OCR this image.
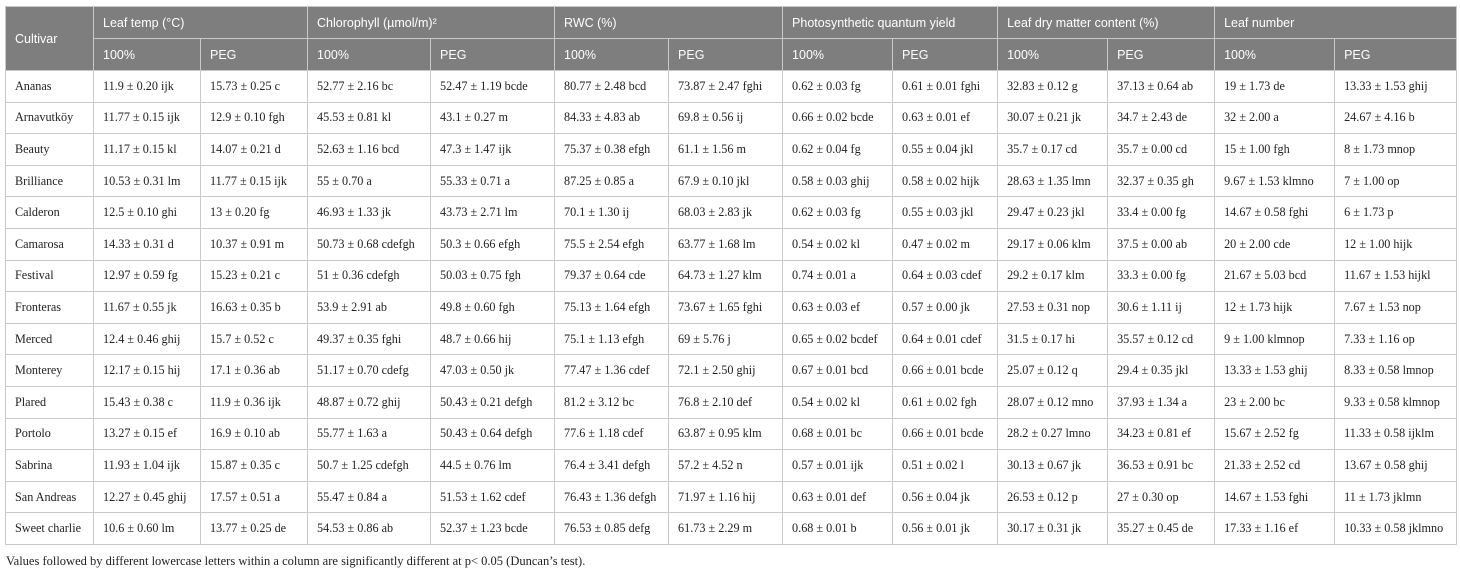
Cultivar	Leaf temp (°C)		Chlorophyll (µmol/m)²		RWC (%)		Photosynthetic quantum yield		Leaf dry matter content (%)		Leaf number	
	100%	PEG	100%	PEG	100%	PEG	100%	PEG	100%	PEG	100%	PEG
Ananas	11.9 ± 0.20 ijk	15.73 ± 0.25 c	52.77 ± 2.16 bc	52.47 ± 1.19 bcde	80.77 ± 2.48 bcd	73.87 ± 2.47 fghi	0.62 ± 0.03 fg	0.61 ± 0.01 fghi	32.83 ± 0.12 g	37.13 ± 0.64 ab	19 ± 1.73 de	13.33 ± 1.53 ghij
Arnavutköy	11.77 ± 0.15 ijk	12.9 ± 0.10 fgh	45.53 ± 0.81 kl	43.1 ± 0.27 m	84.33 ± 4.83 ab	69.8 ± 0.56 ij	0.66 ± 0.02 bcde	0.63 ± 0.01 ef	30.07 ± 0.21 jk	34.7 ± 2.43 de	32 ± 2.00 a	24.67 ± 4.16 b
Beauty	11.17 ± 0.15 kl	14.07 ± 0.21 d	52.63 ± 1.16 bcd	47.3 ± 1.47 ijk	75.37 ± 0.38 efgh	61.1 ± 1.56 m	0.62 ± 0.04 fg	0.55 ± 0.04 jkl	35.7 ± 0.17 cd	35.7 ± 0.00 cd	15 ± 1.00 fgh	8 ± 1.73 mnop
Brilliance	10.53 ± 0.31 lm	11.77 ± 0.15 ijk	55 ± 0.70 a	55.33 ± 0.71 a	87.25 ± 0.85 a	67.9 ± 0.10 jkl	0.58 ± 0.03 ghij	0.58 ± 0.02 hijk	28.63 ± 1.35 lmn	32.37 ± 0.35 gh	9.67 ± 1.53 klmno	7 ± 1.00 op
Calderon	12.5 ± 0.10 ghi	13 ± 0.20 fg	46.93 ± 1.33 jk	43.73 ± 2.71 lm	70.1 ± 1.30 ij	68.03 ± 2.83 jk	0.62 ± 0.03 fg	0.55 ± 0.03 jkl	29.47 ± 0.23 jkl	33.4 ± 0.00 fg	14.67 ± 0.58 fghi	6 ± 1.73 p
Camarosa	14.33 ± 0.31 d	10.37 ± 0.91 m	50.73 ± 0.68 cdefgh	50.3 ± 0.66 efgh	75.5 ± 2.54 efgh	63.77 ± 1.68 lm	0.54 ± 0.02 kl	0.47 ± 0.02 m	29.17 ± 0.06 klm	37.5 ± 0.00 ab	20 ± 2.00 cde	12 ± 1.00 hijk
Festival	12.97 ± 0.59 fg	15.23 ± 0.21 c	51 ± 0.36 cdefgh	50.03 ± 0.75 fgh	79.37 ± 0.64 cde	64.73 ± 1.27 klm	0.74 ± 0.01 a	0.64 ± 0.03 cdef	29.2 ± 0.17 klm	33.3 ± 0.00 fg	21.67 ± 5.03 bcd	11.67 ± 1.53 hijkl
Fronteras	11.67 ± 0.55 jk	16.63 ± 0.35 b	53.9 ± 2.91 ab	49.8 ± 0.60 fgh	75.13 ± 1.64 efgh	73.67 ± 1.65 fghi	0.63 ± 0.03 ef	0.57 ± 0.00 jk	27.53 ± 0.31 nop	30.6 ± 1.11 ij	12 ± 1.73 hijk	7.67 ± 1.53 nop
Merced	12.4 ± 0.46 ghij	15.7 ± 0.52 c	49.37 ± 0.35 fghi	48.7 ± 0.66 hij	75.1 ± 1.13 efgh	69 ± 5.76 j	0.65 ± 0.02 bcdef	0.64 ± 0.01 cdef	31.5 ± 0.17 hi	35.57 ± 0.12 cd	9 ± 1.00 klmnop	7.33 ± 1.16 op
Monterey	12.17 ± 0.15 hij	17.1 ± 0.36 ab	51.17 ± 0.70 cdefg	47.03 ± 0.50 jk	77.47 ± 1.36 cdef	72.1 ± 2.50 ghij	0.67 ± 0.01 bcd	0.66 ± 0.01 bcde	25.07 ± 0.12 q	29.4 ± 0.35 jkl	13.33 ± 1.53 ghij	8.33 ± 0.58 lmnop
Plared	15.43 ± 0.38 c	11.9 ± 0.36 ijk	48.87 ± 0.72 ghij	50.43 ± 0.21 defgh	81.2 ± 3.12 bc	76.8 ± 2.10 def	0.54 ± 0.02 kl	0.61 ± 0.02 fgh	28.07 ± 0.12 mno	37.93 ± 1.34 a	23 ± 2.00 bc	9.33 ± 0.58 klmnop
Portolo	13.27 ± 0.15 ef	16.9 ± 0.10 ab	55.77 ± 1.63 a	50.43 ± 0.64 defgh	77.6 ± 1.18 cdef	63.87 ± 0.95 klm	0.68 ± 0.01 bc	0.66 ± 0.01 bcde	28.2 ± 0.27 lmno	34.23 ± 0.81 ef	15.67 ± 2.52 fg	11.33 ± 0.58 ijklm
Sabrina	11.93 ± 1.04 ijk	15.87 ± 0.35 c	50.7 ± 1.25 cdefgh	44.5 ± 0.76 lm	76.4 ± 3.41 defgh	57.2 ± 4.52 n	0.57 ± 0.01 ijk	0.51 ± 0.02 l	30.13 ± 0.67 jk	36.53 ± 0.91 bc	21.33 ± 2.52 cd	13.67 ± 0.58 ghij
San Andreas	12.27 ± 0.45 ghij	17.57 ± 0.51 a	55.47 ± 0.84 a	51.53 ± 1.62 cdef	76.43 ± 1.36 defgh	71.97 ± 1.16 hij	0.63 ± 0.01 def	0.56 ± 0.04 jk	26.53 ± 0.12 p	27 ± 0.30 op	14.67 ± 1.53 fghi	11 ± 1.73 jklmn
Sweet charlie	10.6 ± 0.60 lm	13.77 ± 0.25 de	54.53 ± 0.86 ab	52.37 ± 1.23 bcde	76.53 ± 0.85 defg	61.73 ± 2.29 m	0.68 ± 0.01 b	0.56 ± 0.01 jk	30.17 ± 0.31 jk	35.27 ± 0.45 de	17.33 ± 1.16 ef	10.33 ± 0.58 jklmno
Values followed by different lowercase letters within a column are significantly different at p< 0.05 (Duncan’s test).
